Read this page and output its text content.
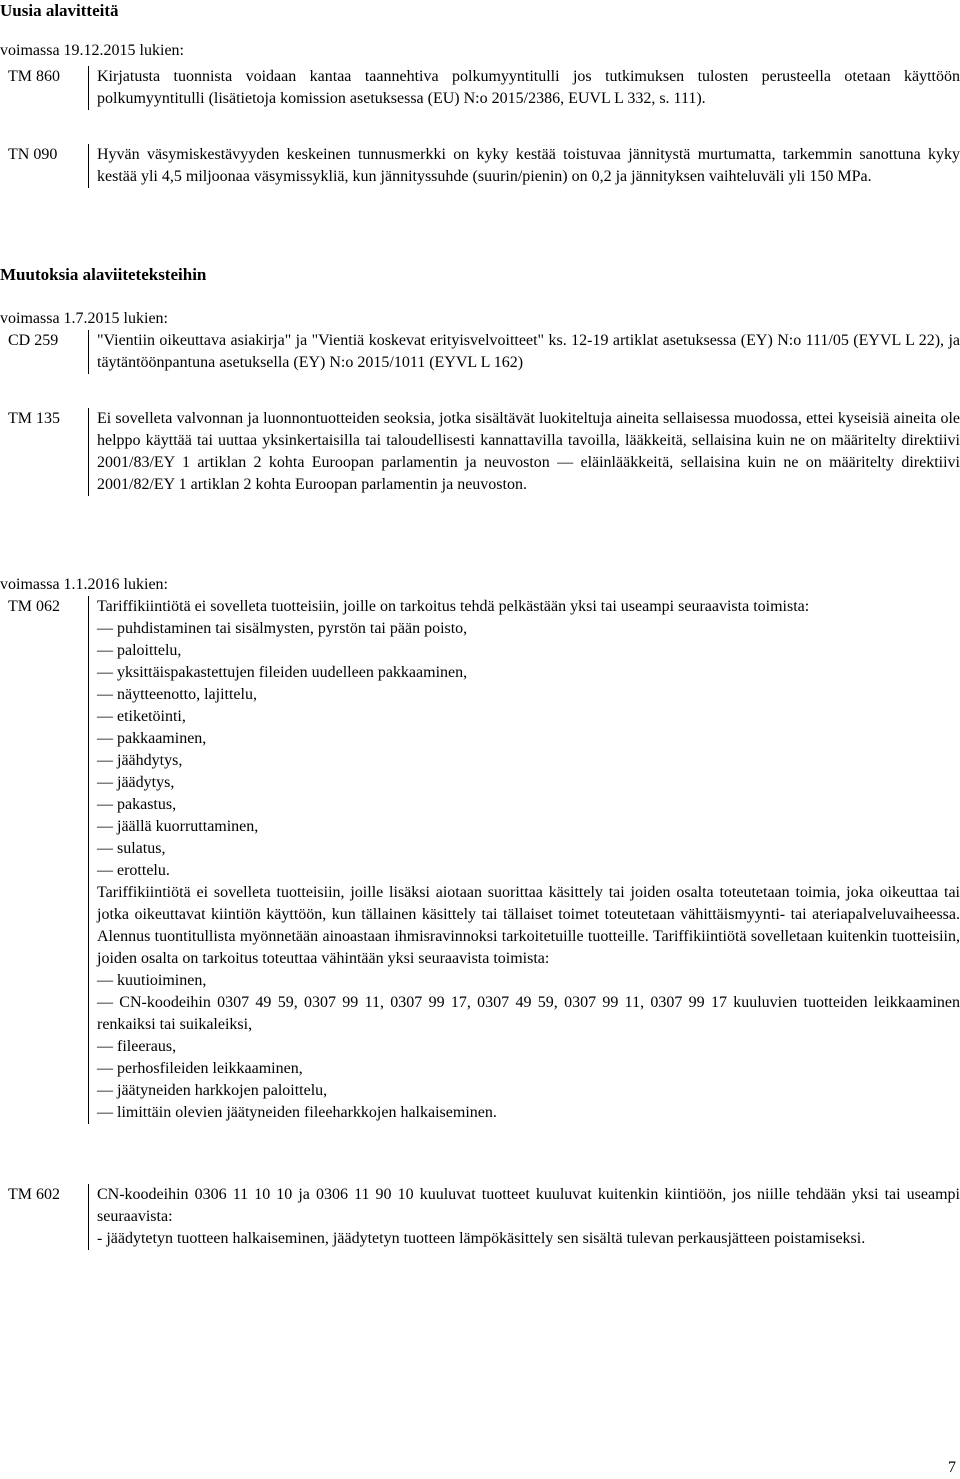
Uusia alavitteitä

voimassa 19.12.2015 lukien:

TM 860	Kirjatusta tuonnista voidaan kantaa taannehtiva polkumyyntitulli jos tutkimuksen tulosten perusteella otetaan käyttöön polkumyyntitulli (lisätietoja komission asetuksessa (EU) N:o 2015/2386, EUVL L 332, s. 111).

TN 090	Hyvän väsymiskestävyyden keskeinen tunnusmerkki on kyky kestää toistuvaa jännitystä murtumatta, tarkemmin sanottuna kyky kestää yli 4,5 miljoonaa väsymissykliä, kun jännityssuhde (suurin/pienin) on 0,2 ja jännityksen vaihteluväli yli 150 MPa.

Muutoksia alaviiteteksteihin

voimassa 1.7.2015 lukien:

CD 259	"Vientiin oikeuttava asiakirja" ja "Vientiä koskevat erityisvelvoitteet" ks. 12-19 artiklat asetuksessa (EY) N:o 111/05 (EYVL L 22), ja täytäntöönpantuna asetuksella (EY) N:o 2015/1011 (EYVL L 162)

TM 135	Ei sovelleta valvonnan ja luonnontuotteiden seoksia, jotka sisältävät luokiteltuja aineita sellaisessa muodossa, ettei kyseisiä aineita ole helppo käyttää tai uuttaa yksinkertaisilla tai taloudellisesti kannattavilla tavoilla, lääkkeitä, sellaisina kuin ne on määritelty direktiivi 2001/83/EY 1 artiklan 2 kohta Euroopan parlamentin ja neuvoston — eläinlääkkeitä, sellaisina kuin ne on määritelty direktiivi 2001/82/EY 1 artiklan 2 kohta Euroopan parlamentin ja neuvoston.

voimassa 1.1.2016 lukien:

TM 062	Tariffikiintiötä ei sovelleta tuotteisiin, joille on tarkoitus tehdä pelkästään yksi tai useampi seuraavista toimista:

— puhdistaminen tai sisälmysten, pyrstön tai pään poisto,

— paloittelu,

— yksittäispakastettujen fileiden uudelleen pakkaaminen,

— näytteenotto, lajittelu,

— etiketöinti,

— pakkaaminen,

— jäähdytys,

— jäädytys,

— pakastus,

— jäällä kuorruttaminen,

— sulatus,

— erottelu.

Tariffikiintiötä ei sovelleta tuotteisiin, joille lisäksi aiotaan suorittaa käsittely tai joiden osalta toteutetaan toimia, joka oikeuttaa tai jotka oikeuttavat kiintiön käyttöön, kun tällainen käsittely tai tällaiset toimet toteutetaan vähittäismyynti- tai ateriapalveluvaiheessa. Alennus tuontitullista myönnetään ainoastaan ihmisravinnoksi tarkoitetuille tuotteille. Tariffikiintiötä sovelletaan kuitenkin tuotteisiin, joiden osalta on tarkoitus toteuttaa vähintään yksi seuraavista toimista:

— kuutioiminen,

— CN-koodeihin 0307 49 59, 0307 99 11, 0307 99 17, 0307 49 59, 0307 99 11, 0307 99 17 kuuluvien tuotteiden leikkaaminen renkaiksi tai suikaleiksi,

— fileeraus,

— perhosfileiden leikkaaminen,

— jäätyneiden harkkojen paloittelu,

— limittäin olevien jäätyneiden fileeharkkojen halkaiseminen.

TM 602	CN-koodeihin 0306 11 10 10 ja 0306 11 90 10 kuuluvat tuotteet kuuluvat kuitenkin kiintiöön, jos niille tehdään yksi tai useampi seuraavista:

- jäädytetyn tuotteen halkaiseminen, jäädytetyn tuotteen lämpökäsittely sen sisältä tulevan perkausjätteen poistamiseksi.

7
